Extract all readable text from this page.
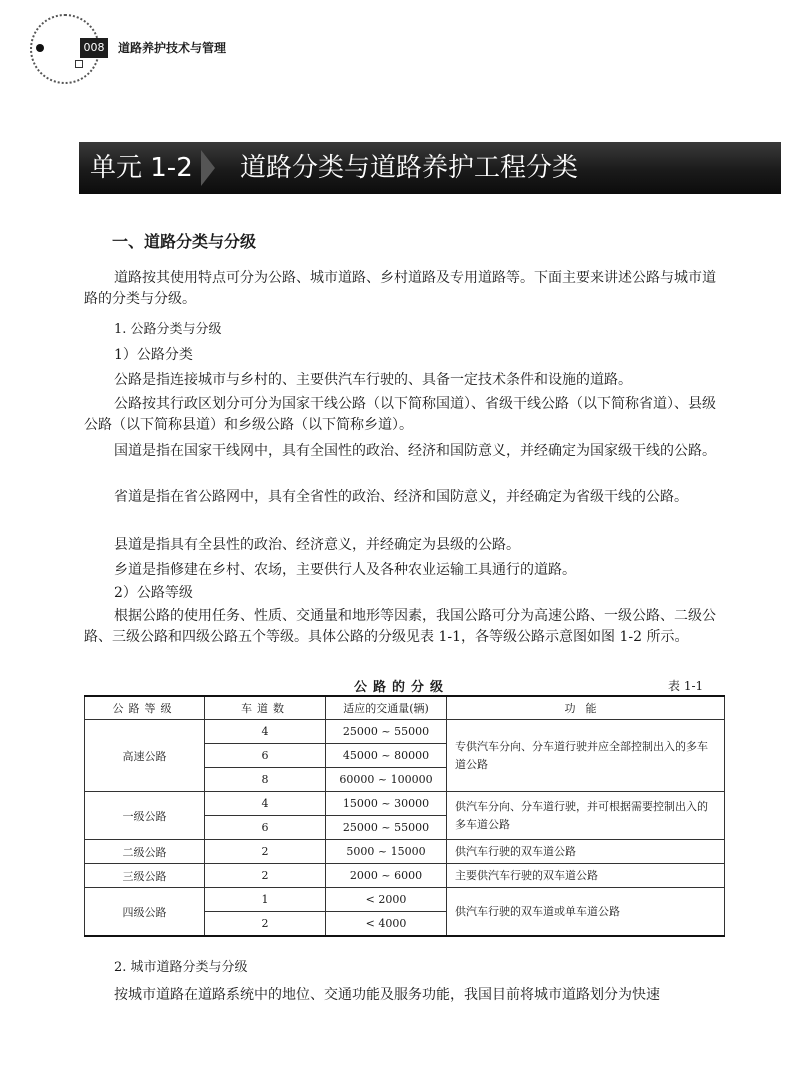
008 道路养护技术与管理
单元 1-2 道路分类与道路养护工程分类
一、道路分类与分级

道路按其使用特点可分为公路、城市道路、乡村道路及专用道路等。下面主要来讲述公路与城市道路的分类与分级。

1. 公路分类与分级
1）公路分类
公路是指连接城市与乡村的、主要供汽车行驶的、具备一定技术条件和设施的道路。

公路按其行政区划分可分为国家干线公路（以下简称国道）、省级干线公路（以下简称省道）、县级公路（以下简称县道）和乡级公路（以下简称乡道）。

国道是指在国家干线网中，具有全国性的政治、经济和国防意义，并经确定为国家级干线的公路。

省道是指在省公路网中，具有全省性的政治、经济和国防意义，并经确定为省级干线的公路。

县道是指具有全县性的政治、经济意义，并经确定为县级的公路。
乡道是指修建在乡村、农场，主要供行人及各种农业运输工具通行的道路。
2）公路等级

根据公路的使用任务、性质、交通量和地形等因素，我国公路可分为高速公路、一级公路、二级公路、三级公路和四级公路五个等级。具体公路的分级见表 1-1，各等级公路示意图如图 1-2 所示。

公路的分级	表 1-1
公路等级	车道数	适应的交通量(辆)	功能
高速公路	4	25000 ~ 55000	专供汽车分向、分车道行驶并应全部控制出入的多车道公路
	6	45000 ~ 80000	
	8	60000 ~ 100000	
一级公路	4	15000 ~ 30000	供汽车分向、分车道行驶，并可根据需要控制出入的多车道公路
	6	25000 ~ 55000	
二级公路	2	5000 ~ 15000	供汽车行驶的双车道公路
三级公路	2	2000 ~ 6000	主要供汽车行驶的双车道公路
四级公路	1	< 2000	供汽车行驶的双车道或单车道公路
	2	< 4000	
2. 城市道路分类与分级
按城市道路在道路系统中的地位、交通功能及服务功能，我国目前将城市道路划分为快速
